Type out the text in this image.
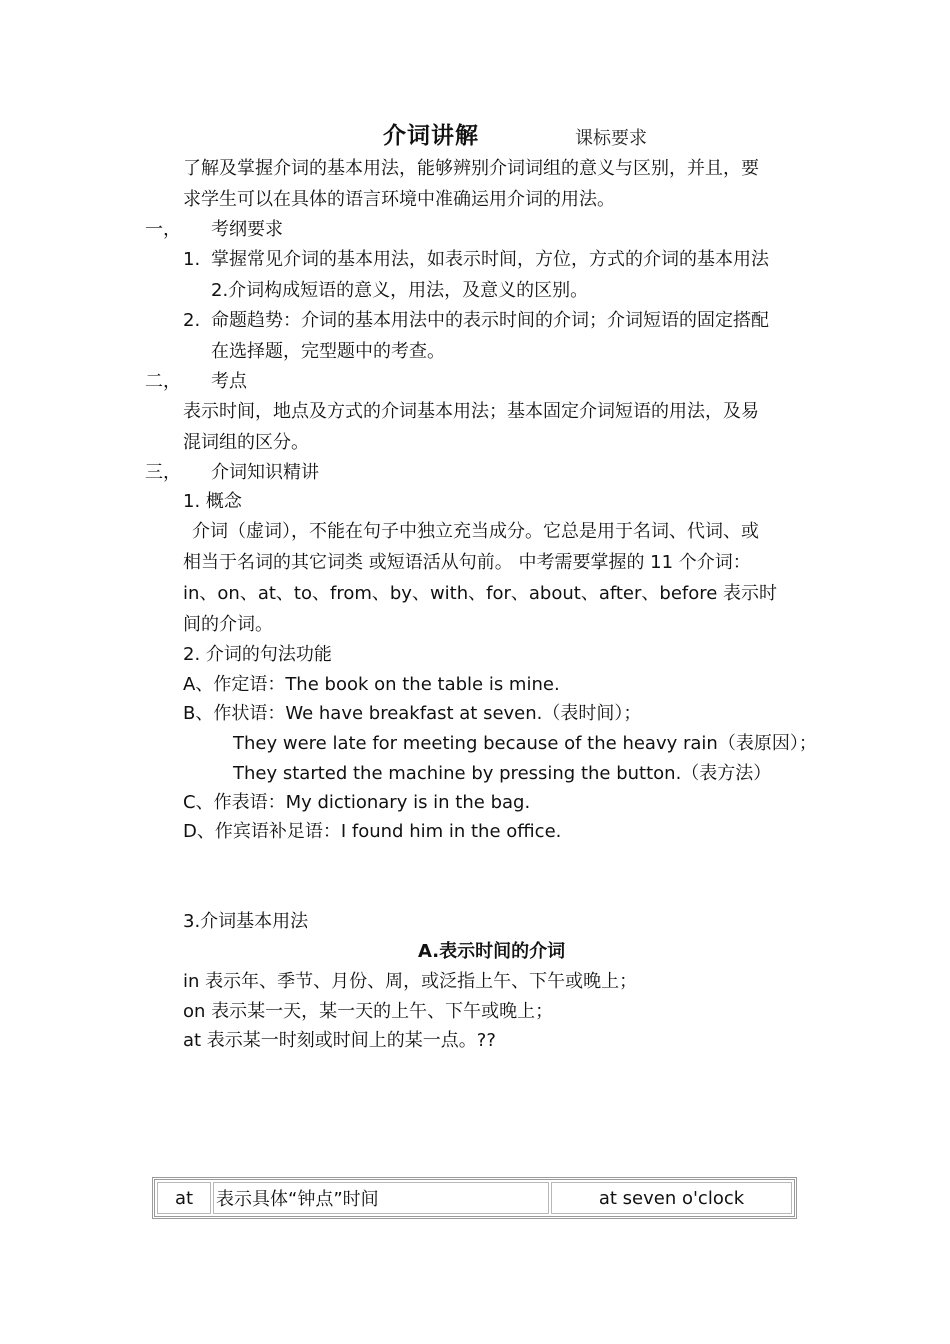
介词讲解	课标要求
了解及掌握介词的基本用法，能够辨别介词词组的意义与区别，并且，要
求学生可以在具体的语言环境中准确运用介词的用法。
一， 考纲要求
1. 掌握常见介词的基本用法，如表示时间，方位，方式的介词的基本用法
2.介词构成短语的意义，用法，及意义的区别。
2. 命题趋势：介词的基本用法中的表示时间的介词；介词短语的固定搭配
在选择题，完型题中的考查。
二， 考点
表示时间，地点及方式的介词基本用法；基本固定介词短语的用法，及易
混词组的区分。
三， 介词知识精讲
1. 概念
介词（虚词），不能在句子中独立充当成分。它总是用于名词、代词、或
相当于名词的其它词类 或短语活从句前。 中考需要掌握的 11 个介词：
in、on、at、to、from、by、with、for、about、after、before 表示时
间的介词。
2. 介词的句法功能
A、作定语：The book on the table is mine.
B、作状语：We have breakfast at seven.（表时间）；
They were late for meeting because of the heavy rain（表原因）；
They started the machine by pressing the button.（表方法）
C、作表语：My dictionary is in the bag.
D、作宾语补足语：I found him in the office.
3.介词基本用法
A.表示时间的介词
in 表示年、季节、月份、周，或泛指上午、下午或晚上；
on 表示某一天，某一天的上午、下午或晚上；
at 表示某一时刻或时间上的某一点。??
at	表示具体“钟点”时间	at seven o'clock
